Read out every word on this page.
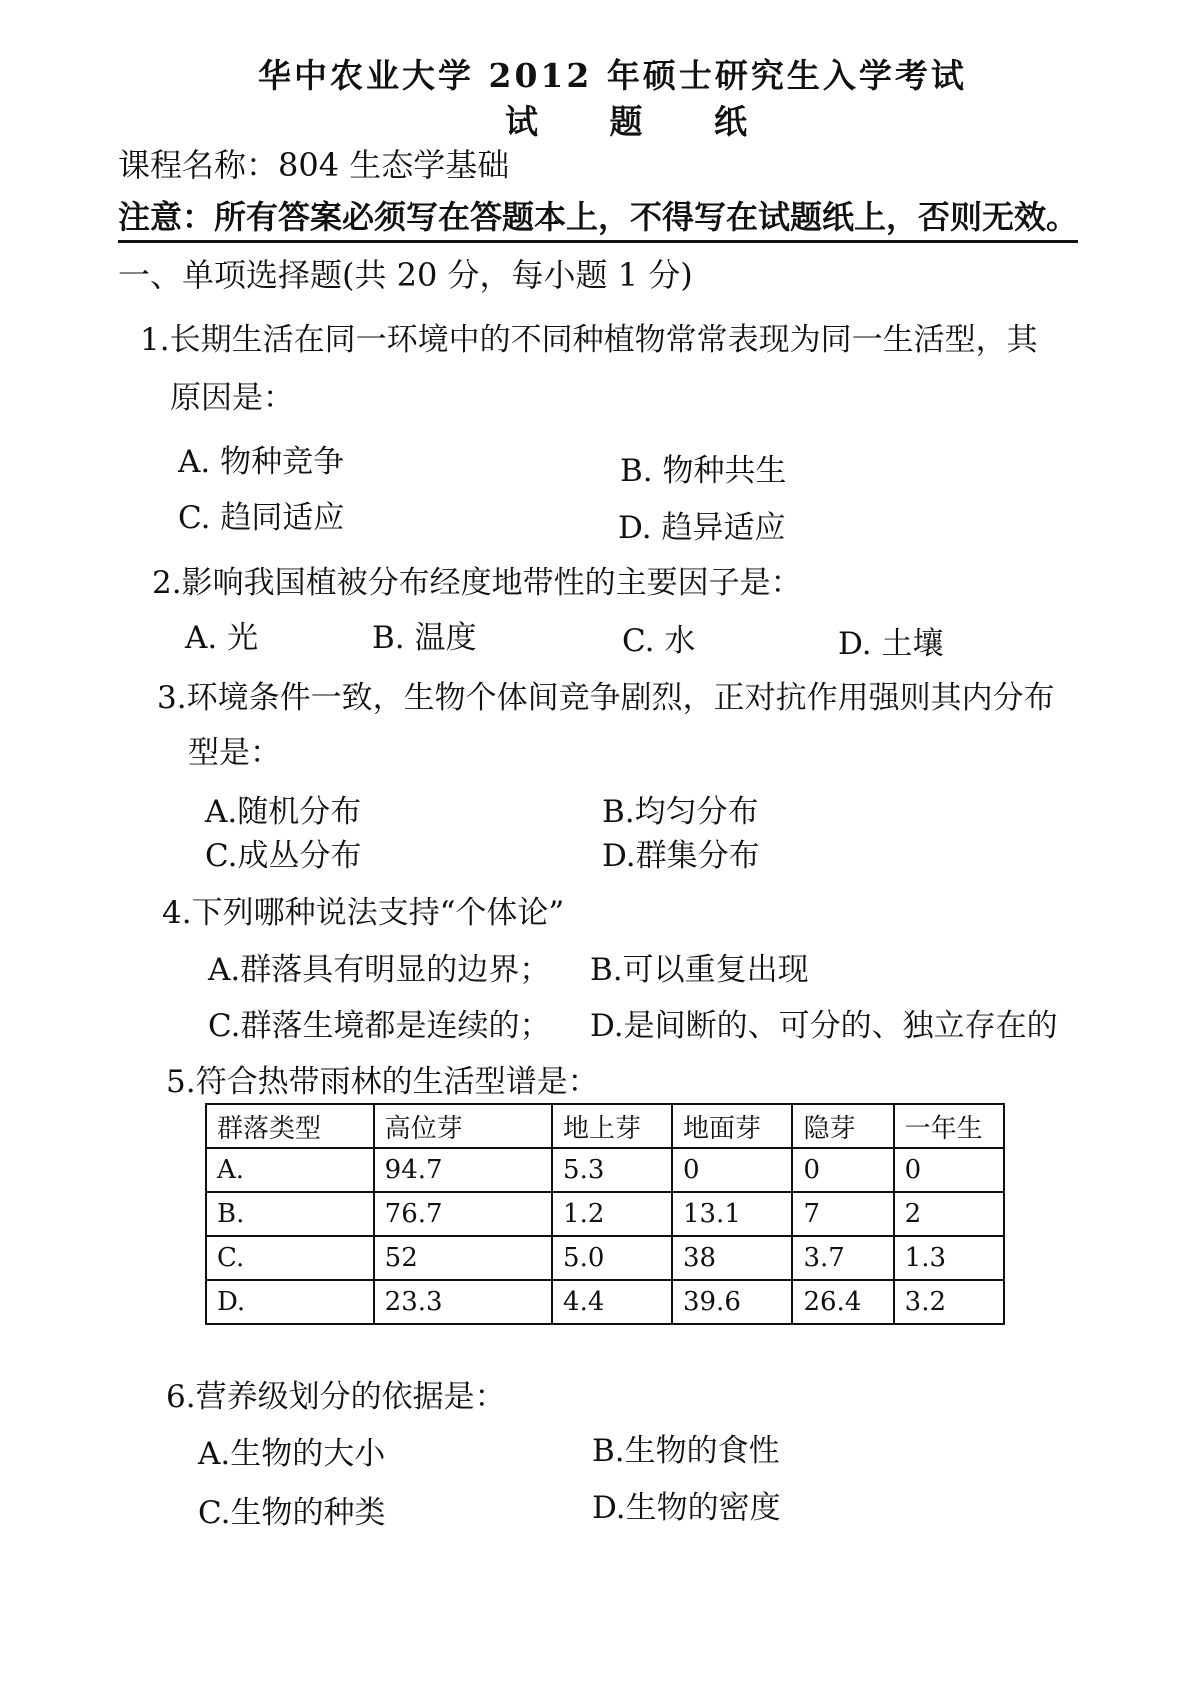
华中农业大学 2012 年硕士研究生入学考试
试 题 纸
课程名称：804 生态学基础
注意：所有答案必须写在答题本上，不得写在试题纸上，否则无效。
一、单项选择题(共 20 分，每小题 1 分)
1.长期生活在同一环境中的不同种植物常常表现为同一生活型，其
原因是：
A. 物种竞争	B. 物种共生
C. 趋同适应	D. 趋异适应
2.影响我国植被分布经度地带性的主要因子是：
A. 光	B. 温度	C. 水	D. 土壤
3.环境条件一致，生物个体间竞争剧烈，正对抗作用强则其内分布
型是：
A.随机分布	B.均匀分布
C.成丛分布	D.群集分布
4.下列哪种说法支持“个体论”
A.群落具有明显的边界； B.可以重复出现
C.群落生境都是连续的； D.是间断的、可分的、独立存在的
5.符合热带雨林的生活型谱是：
群落类型	高位芽	地上芽	地面芽	隐芽	一年生
A.	94.7	5.3	0	0	0
B.	76.7	1.2	13.1	7	2
C.	52	5.0	38	3.7	1.3
D.	23.3	4.4	39.6	26.4	3.2
6.营养级划分的依据是：
A.生物的大小	B.生物的食性
C.生物的种类	D.生物的密度
